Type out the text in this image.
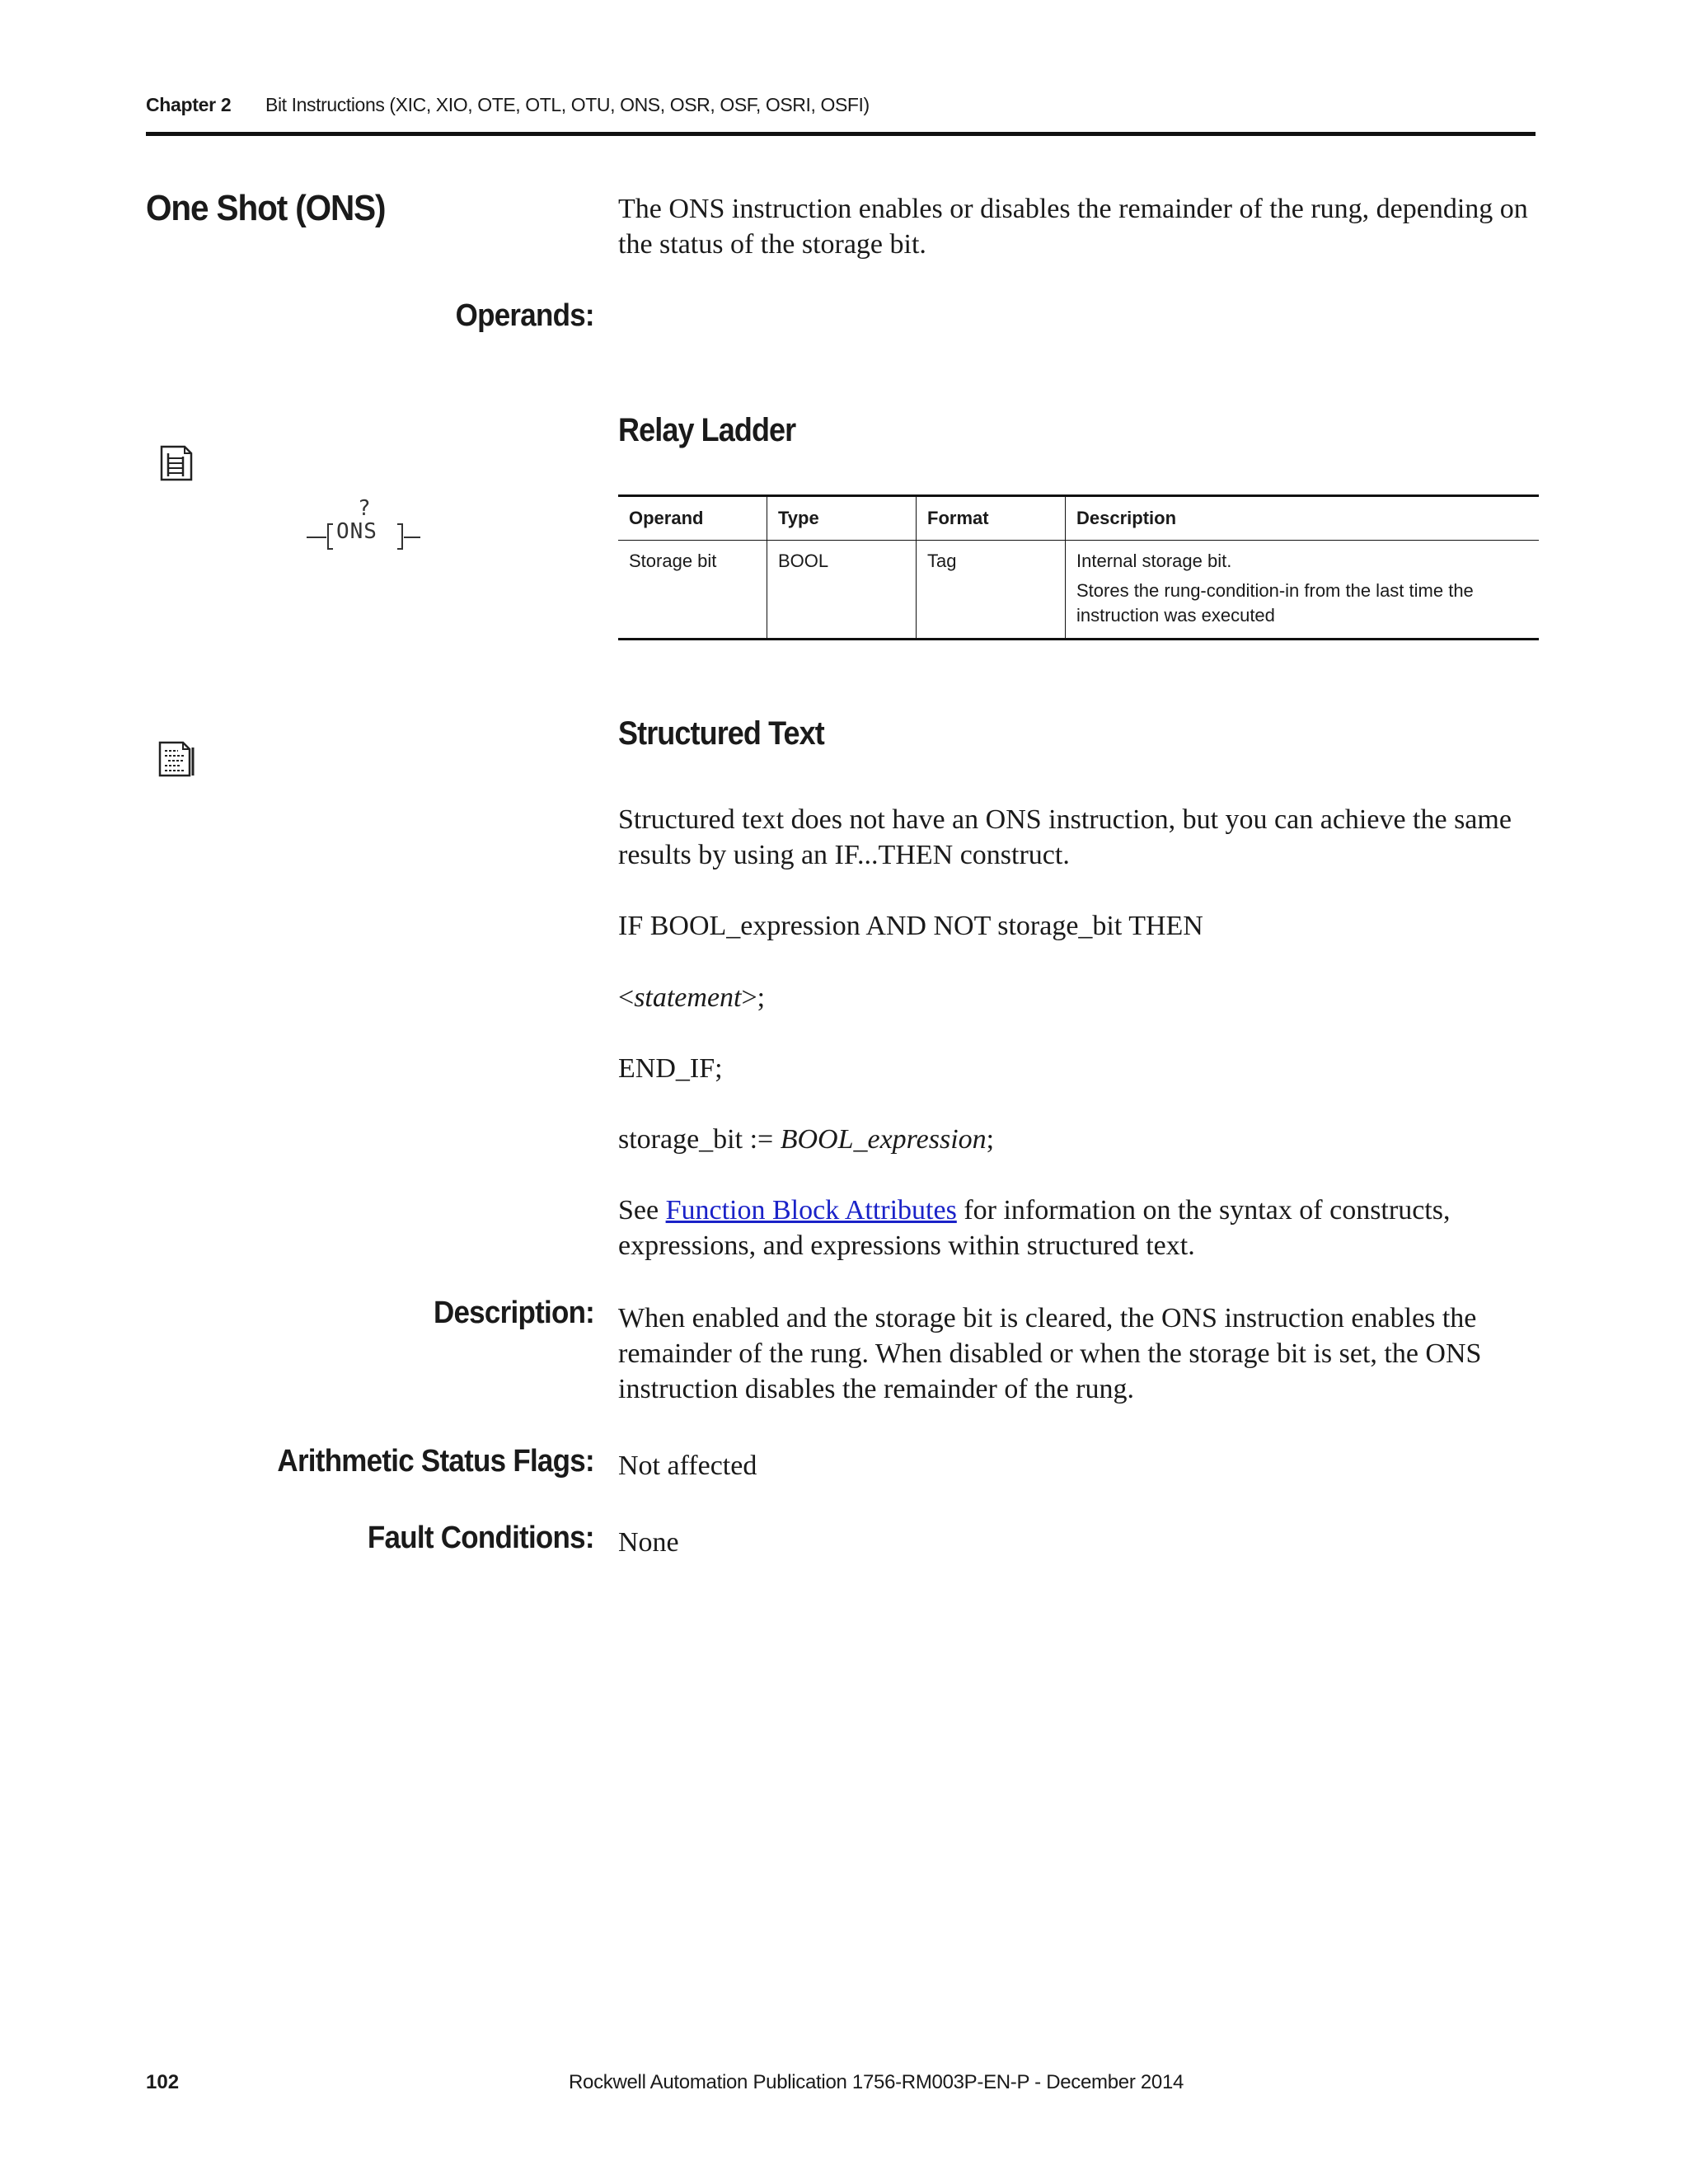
Chapter 2 Bit Instructions (XIC, XIO, OTE, OTL, OTU, ONS, OSR, OSF, OSRI, OSFI)
One Shot (ONS)	The ONS instruction enables or disables the remainder of the rung, depending on the status of the storage bit.
Operands:
?
ONS
Relay Ladder
Operand	Type	Format	Description
Storage bit	BOOL	Tag	Internal storage bit.
Stores the rung-condition-in from the last time the instruction was executed
Structured Text
Structured text does not have an ONS instruction, but you can achieve the same results by using an IF...THEN construct.
IF BOOL_expression AND NOT storage_bit THEN
<statement>;
END_IF;
storage_bit := BOOL_expression;
See Function Block Attributes for information on the syntax of constructs, expressions, and expressions within structured text.
Description: When enabled and the storage bit is cleared, the ONS instruction enables the remainder of the rung. When disabled or when the storage bit is set, the ONS instruction disables the remainder of the rung.
Arithmetic Status Flags: Not affected
Fault Conditions: None
102	Rockwell Automation Publication 1756-RM003P-EN-P - December 2014
